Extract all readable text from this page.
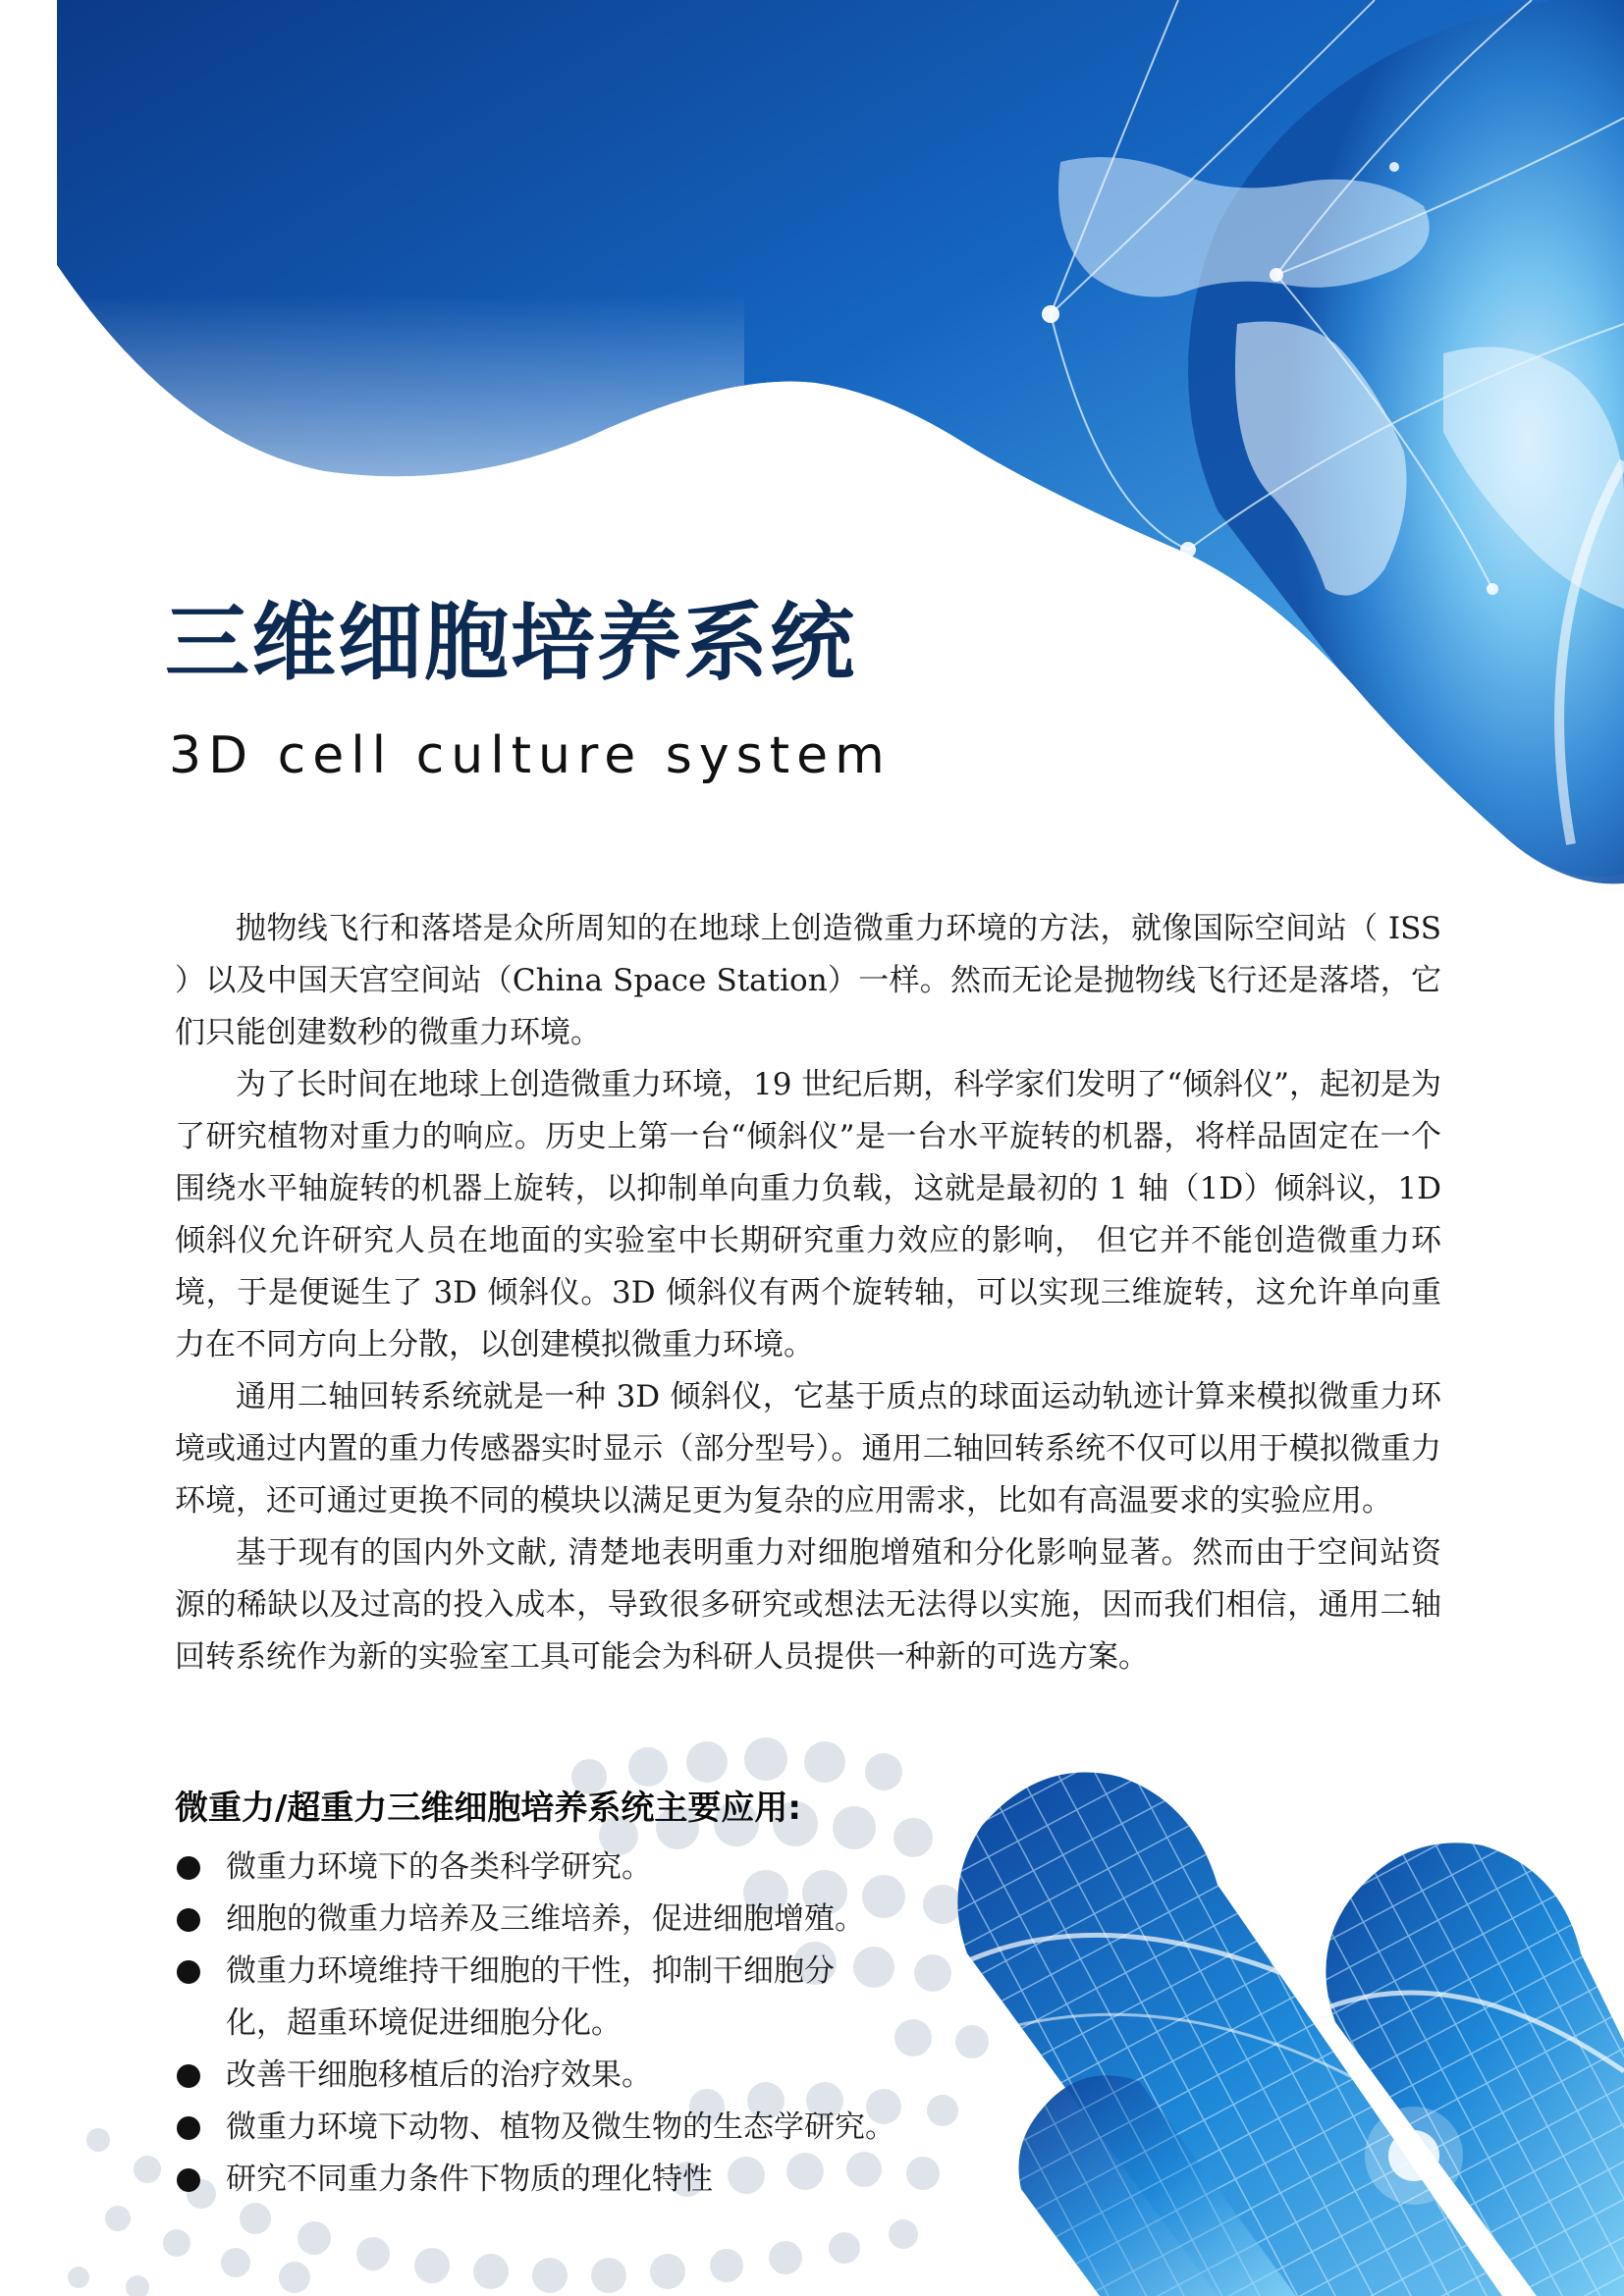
三维细胞培养系统
3D cell culture system

抛物线飞行和落塔是众所周知的在地球上创造微重力环境的方法，就像国际空间站（ ISS ）以及中国天宫空间站（China Space Station）一样。然而无论是抛物线飞行还是落塔，它们只能创建数秒的微重力环境。

为了长时间在地球上创造微重力环境，19 世纪后期，科学家们发明了“倾斜仪”，起初是为了研究植物对重力的响应。历史上第一台“倾斜仪”是一台水平旋转的机器，将样品固定在一个围绕水平轴旋转的机器上旋转，以抑制单向重力负载，这就是最初的 1 轴（1D）倾斜议，1D 倾斜仪允许研究人员在地面的实验室中长期研究重力效应的影响， 但它并不能创造微重力环境，于是便诞生了 3D 倾斜仪。3D 倾斜仪有两个旋转轴，可以实现三维旋转，这允许单向重力在不同方向上分散，以创建模拟微重力环境。

通用二轴回转系统就是一种 3D 倾斜仪，它基于质点的球面运动轨迹计算来模拟微重力环境或通过内置的重力传感器实时显示（部分型号）。通用二轴回转系统不仅可以用于模拟微重力环境，还可通过更换不同的模块以满足更为复杂的应用需求，比如有高温要求的实验应用。

基于现有的国内外文献, 清楚地表明重力对细胞增殖和分化影响显著。然而由于空间站资源的稀缺以及过高的投入成本，导致很多研究或想法无法得以实施，因而我们相信，通用二轴回转系统作为新的实验室工具可能会为科研人员提供一种新的可选方案。

微重力/超重力三维细胞培养系统主要应用:
微重力环境下的各类科学研究。
细胞的微重力培养及三维培养，促进细胞增殖。
微重力环境维持干细胞的干性，抑制干细胞分化，超重环境促进细胞分化。
改善干细胞移植后的治疗效果。
微重力环境下动物、植物及微生物的生态学研究。
研究不同重力条件下物质的理化特性
